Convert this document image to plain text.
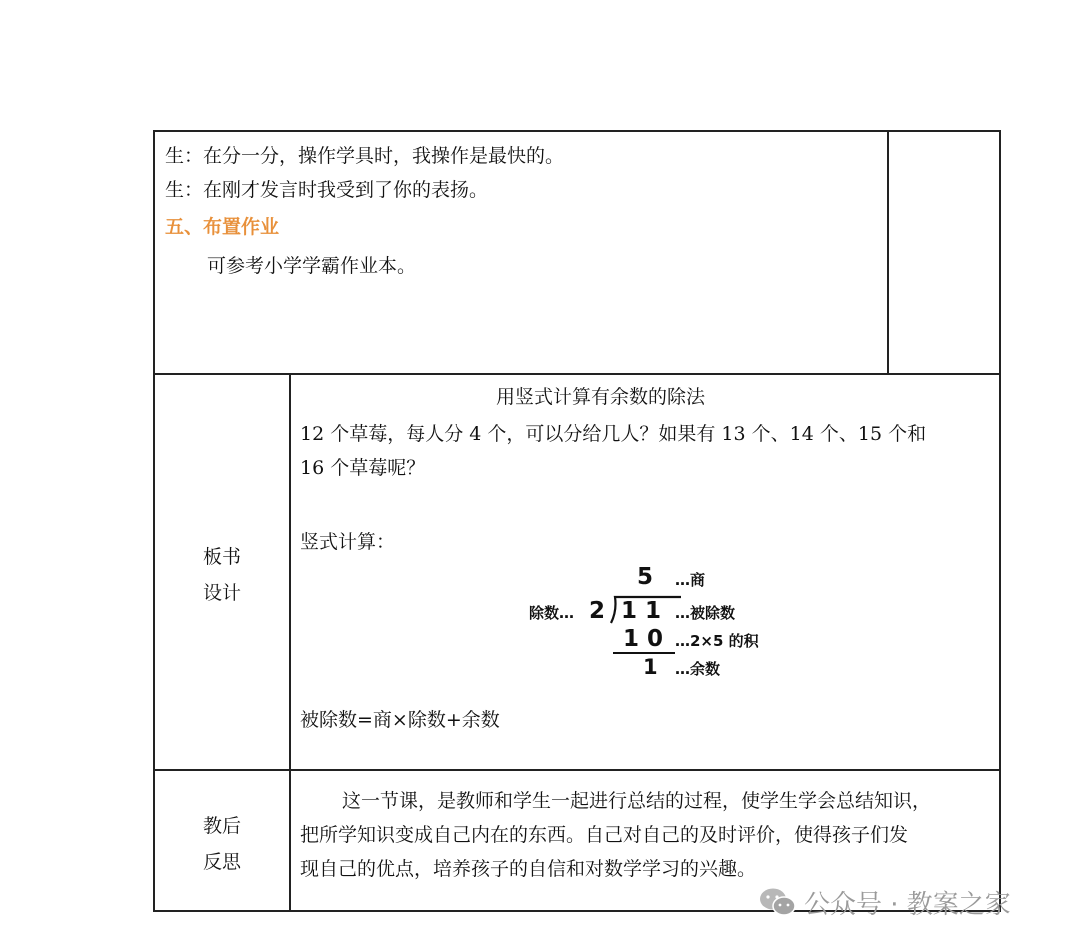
生：在分一分，操作学具时，我操作是最快的。
生：在刚才发言时我受到了你的表扬。
五、布置作业
可参考小学学霸作业本。
板书
设计
用竖式计算有余数的除法
12 个草莓，每人分 4 个，可以分给几人？如果有 13 个、14 个、15 个和
16 个草莓呢？
竖式计算：
5 …商
除数… 2 1 1 …被除数
1 0 …2×5 的积
1 …余数
被除数=商×除数+余数
教后
反思
这一节课，是教师和学生一起进行总结的过程，使学生学会总结知识，
把所学知识变成自己内在的东西。自己对自己的及时评价，使得孩子们发
现自己的优点，培养孩子的自信和对数学学习的兴趣。
公众号 · 教案之家
